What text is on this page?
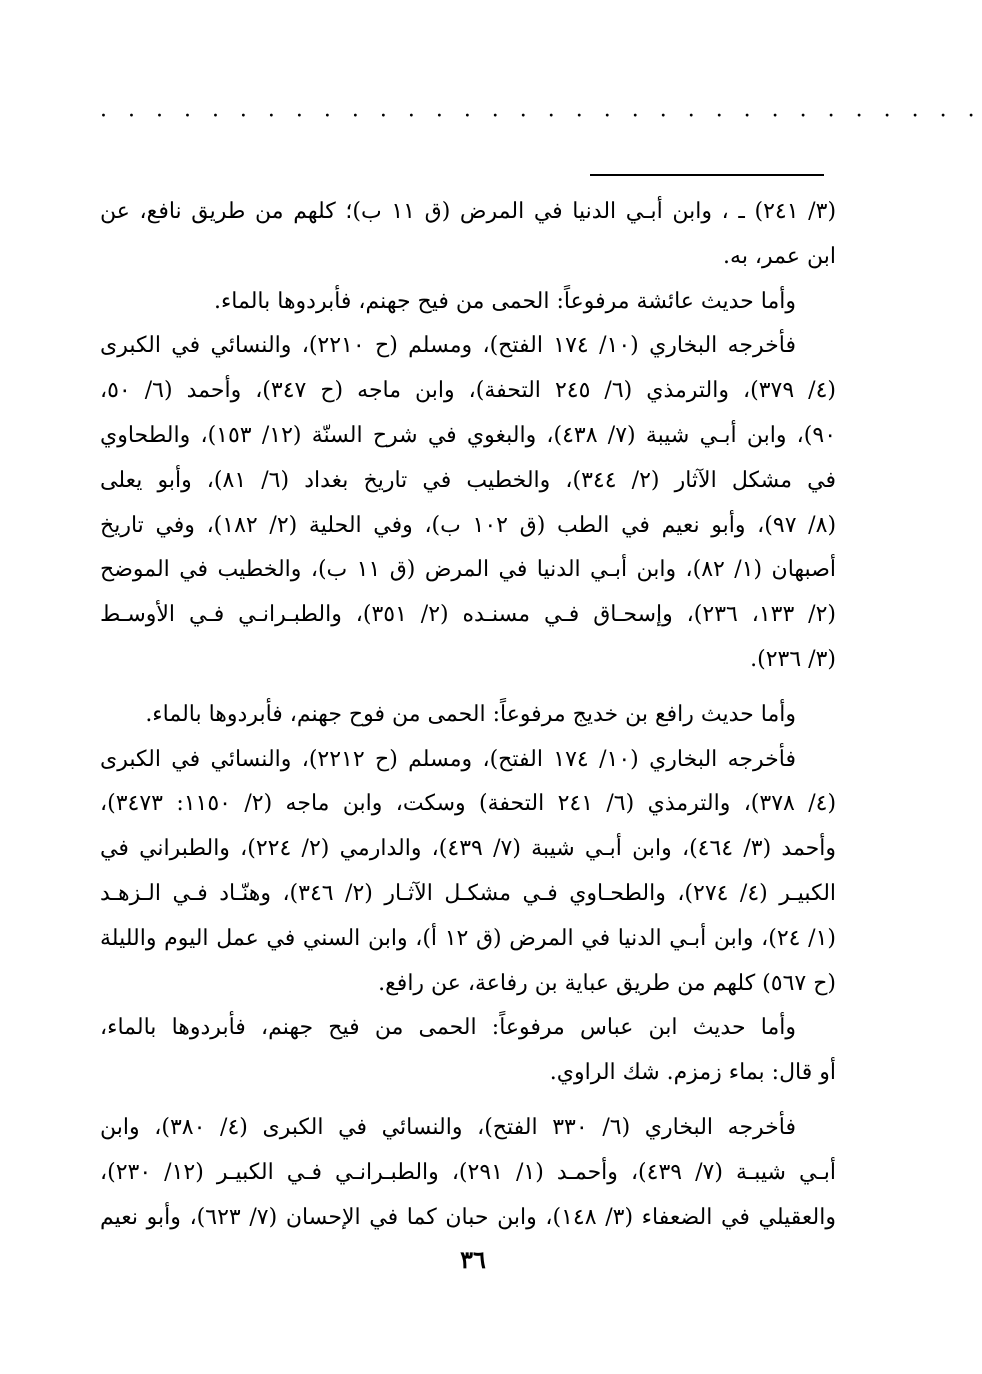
· · · · · · · · · · · · · · · · · · · · · · · · · · · · · · · ·
(٣/ ٢٤١) ـ ، وابن أبـي الدنيا في المرض (ق ١١ ب)؛ كلهم من طريق نافع، عن
ابن عمر، به.
وأما حديث عائشة مرفوعاً: الحمى من فيح جهنم، فأبردوها بالماء.
فأخرجه البخاري (١٠/ ١٧٤ الفتح)، ومسلم (ح ٢٢١٠)، والنسائي في الكبرى
(٤/ ٣٧٩)، والترمذي (٦/ ٢٤٥ التحفة)، وابن ماجه (ح ٣٤٧)، وأحمد (٦/ ٥٠،
٩٠)، وابن أبـي شيبة (٧/ ٤٣٨)، والبغوي في شرح السنّة (١٢/ ١٥٣)، والطحاوي
في مشكل الآثار (٢/ ٣٤٤)، والخطيب في تاريخ بغداد (٦/ ٨١)، وأبو يعلى
(٨/ ٩٧)، وأبو نعيم في الطب (ق ١٠٢ ب)، وفي الحلية (٢/ ١٨٢)، وفي تاريخ
أصبهان (١/ ٨٢)، وابن أبـي الدنيا في المرض (ق ١١ ب)، والخطيب في الموضح
(٢/ ١٣٣، ٢٣٦)، وإسحـاق فـي مسنـده (٢/ ٣٥١)، والطبـرانـي فـي الأوسـط
(٣/ ٢٣٦).
وأما حديث رافع بن خديج مرفوعاً: الحمى من فوح جهنم، فأبردوها بالماء.
فأخرجه البخاري (١٠/ ١٧٤ الفتح)، ومسلم (ح ٢٢١٢)، والنسائي في الكبرى
(٤/ ٣٧٨)، والترمذي (٦/ ٢٤١ التحفة) وسكت، وابن ماجه (٢/ ١١٥٠: ٣٤٧٣)،
وأحمد (٣/ ٤٦٤)، وابن أبـي شيبة (٧/ ٤٣٩)، والدارمي (٢/ ٢٢٤)، والطبراني في
الكبيـر (٤/ ٢٧٤)، والطحـاوي فـي مشكـل الآثـار (٢/ ٣٤٦)، وهنّـاد فـي الـزهـد
(١/ ٢٤)، وابن أبـي الدنيا في المرض (ق ١٢ أ)، وابن السني في عمل اليوم والليلة
(ح ٥٦٧) كلهم من طريق عباية بن رفاعة، عن رافع.
وأما حديث ابن عباس مرفوعاً: الحمى من فيح جهنم، فأبردوها بالماء،
أو قال: بماء زمزم. شك الراوي.
فأخرجه البخاري (٦/ ٣٣٠ الفتح)، والنسائي في الكبرى (٤/ ٣٨٠)، وابن
أبـي شيبـة (٧/ ٤٣٩)، وأحمـد (١/ ٢٩١)، والطبـرانـي فـي الكبيـر (١٢/ ٢٣٠)،
والعقيلي في الضعفاء (٣/ ١٤٨)، وابن حبان كما في الإحسان (٧/ ٦٢٣)، وأبو نعيم
٣٦
